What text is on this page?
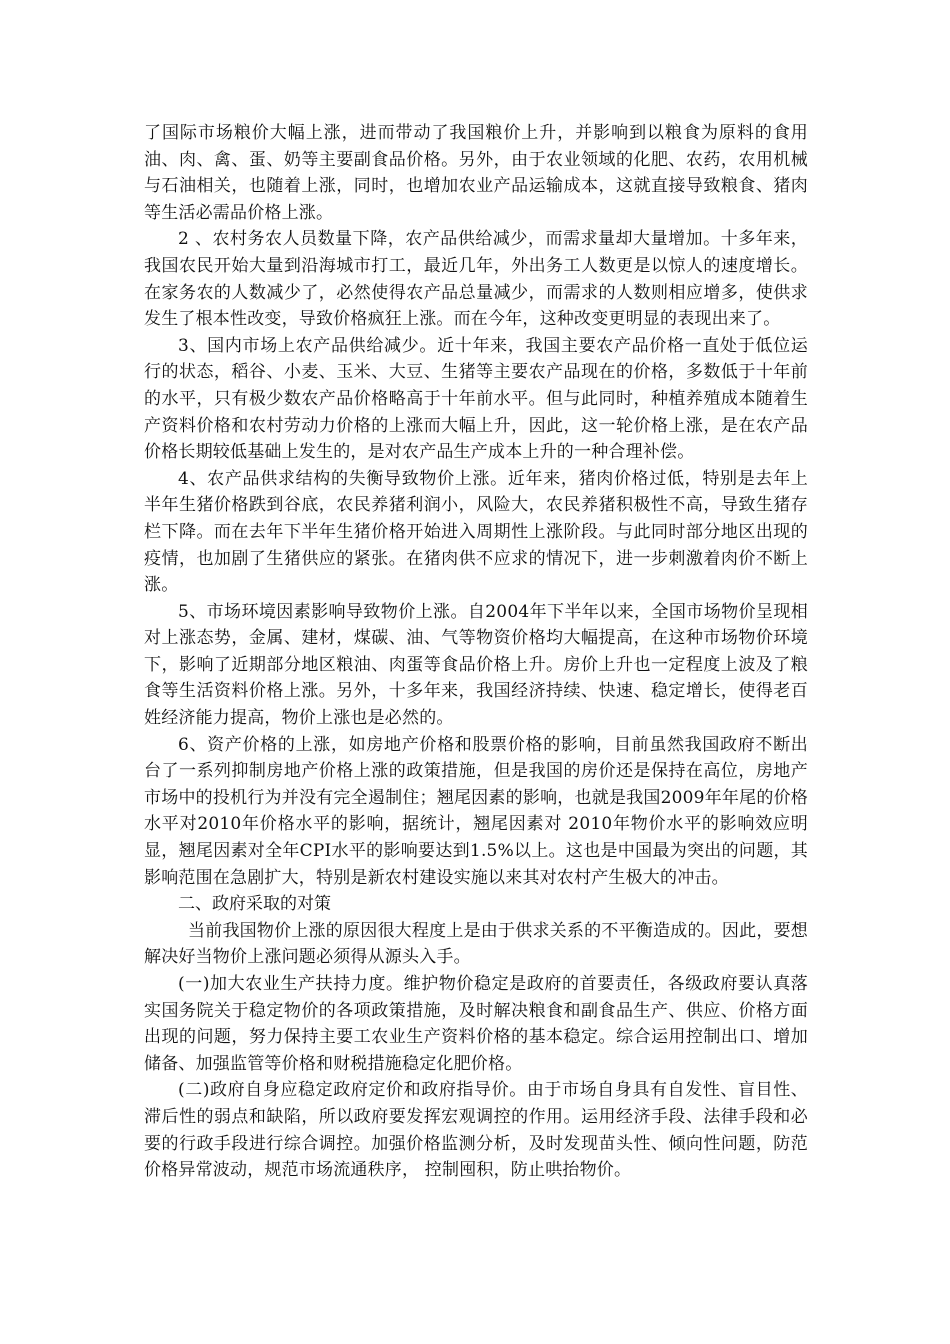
了国际市场粮价大幅上涨，进而带动了我国粮价上升，并影响到以粮食为原料的食用油、肉、禽、蛋、奶等主要副食品价格。另外，由于农业领域的化肥、农药，农用机械与石油相关，也随着上涨，同时，也增加农业产品运输成本，这就直接导致粮食、猪肉等生活必需品价格上涨。

2 、农村务农人员数量下降，农产品供给减少，而需求量却大量增加。十多年来，我国农民开始大量到沿海城市打工，最近几年，外出务工人数更是以惊人的速度增长。在家务农的人数减少了，必然使得农产品总量减少，而需求的人数则相应增多，使供求发生了根本性改变，导致价格疯狂上涨。而在今年，这种改变更明显的表现出来了。

3、国内市场上农产品供给减少。近十年来，我国主要农产品价格一直处于低位运行的状态，稻谷、小麦、玉米、大豆、生猪等主要农产品现在的价格，多数低于十年前的水平，只有极少数农产品价格略高于十年前水平。但与此同时，种植养殖成本随着生产资料价格和农村劳动力价格的上涨而大幅上升，因此，这一轮价格上涨，是在农产品价格长期较低基础上发生的，是对农产品生产成本上升的一种合理补偿。

4、农产品供求结构的失衡导致物价上涨。近年来，猪肉价格过低，特别是去年上半年生猪价格跌到谷底，农民养猪利润小，风险大，农民养猪积极性不高，导致生猪存栏下降。而在去年下半年生猪价格开始进入周期性上涨阶段。与此同时部分地区出现的疫情，也加剧了生猪供应的紧张。在猪肉供不应求的情况下，进一步刺激着肉价不断上涨。

5、市场环境因素影响导致物价上涨。自2004年下半年以来，全国市场物价呈现相对上涨态势，金属、建材，煤碳、油、气等物资价格均大幅提高，在这种市场物价环境下，影响了近期部分地区粮油、肉蛋等食品价格上升。房价上升也一定程度上波及了粮食等生活资料价格上涨。另外，十多年来，我国经济持续、快速、稳定增长，使得老百姓经济能力提高，物价上涨也是必然的。

6、资产价格的上涨，如房地产价格和股票价格的影响，目前虽然我国政府不断出台了一系列抑制房地产价格上涨的政策措施，但是我国的房价还是保持在高位，房地产市场中的投机行为并没有完全遏制住；翘尾因素的影响，也就是我国2009年年尾的价格水平对2010年价格水平的影响，据统计，翘尾因素对 2010年物价水平的影响效应明显，翘尾因素对全年CPI水平的影响要达到1.5%以上。这也是中国最为突出的问题，其影响范围在急剧扩大，特别是新农村建设实施以来其对农村产生极大的冲击。

二、政府采取的对策

当前我国物价上涨的原因很大程度上是由于供求关系的不平衡造成的。因此，要想解决好当物价上涨问题必须得从源头入手。

(一)加大农业生产扶持力度。维护物价稳定是政府的首要责任，各级政府要认真落实国务院关于稳定物价的各项政策措施，及时解决粮食和副食品生产、供应、价格方面出现的问题，努力保持主要工农业生产资料价格的基本稳定。综合运用控制出口、增加储备、加强监管等价格和财税措施稳定化肥价格。

(二)政府自身应稳定政府定价和政府指导价。由于市场自身具有自发性、盲目性、滞后性的弱点和缺陷，所以政府要发挥宏观调控的作用。运用经济手段、法律手段和必要的行政手段进行综合调控。加强价格监测分析，及时发现苗头性、倾向性问题，防范价格异常波动，规范市场流通秩序， 控制囤积，防止哄抬物价。
